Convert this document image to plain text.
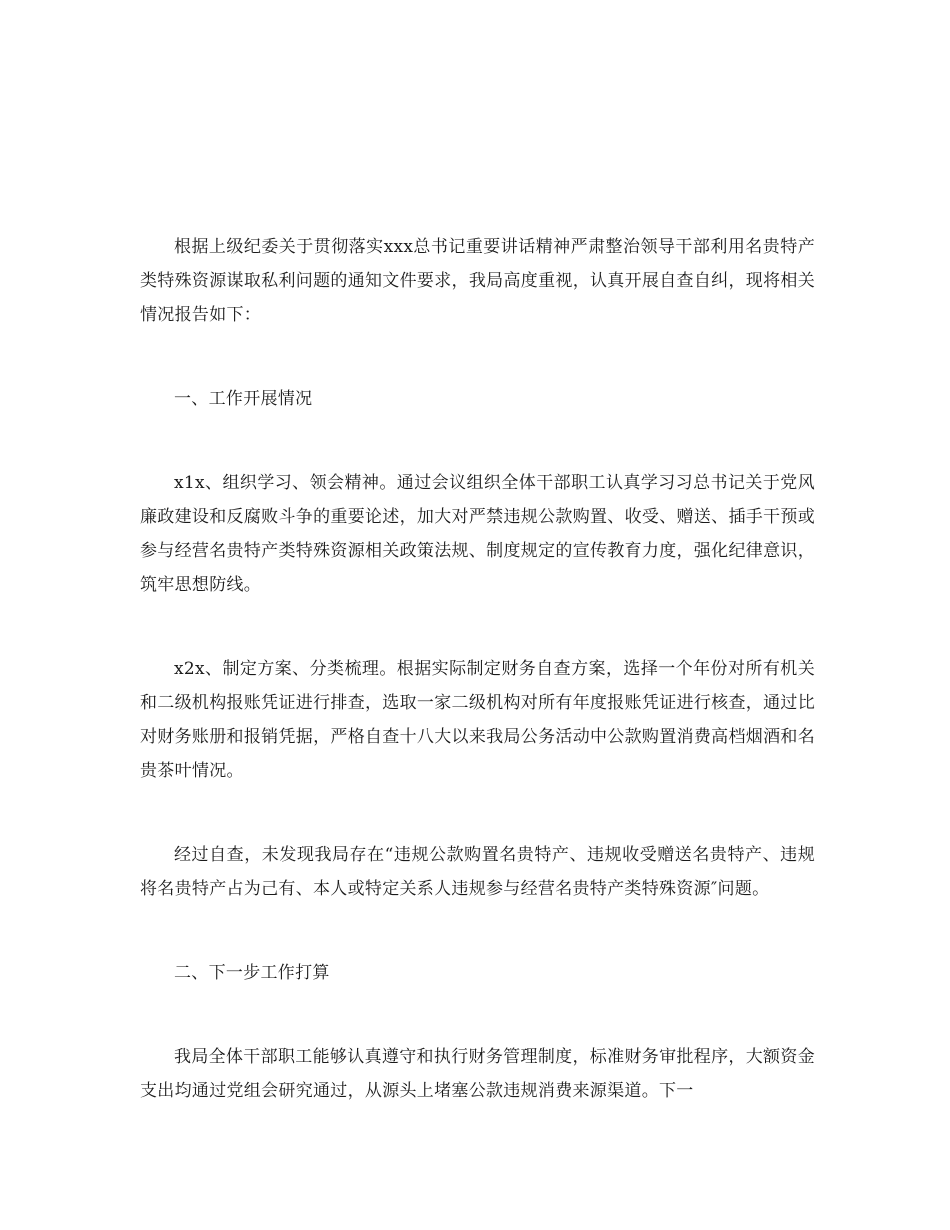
根据上级纪委关于贯彻落实xxx总书记重要讲话精神严肃整治领导干部利用名贵特产类特殊资源谋取私利问题的通知文件要求，我局高度重视，认真开展自查自纠，现将相关情况报告如下：

一、工作开展情况

x1x、组织学习、领会精神。通过会议组织全体干部职工认真学习习总书记关于党风廉政建设和反腐败斗争的重要论述，加大对严禁违规公款购置、收受、赠送、插手干预或参与经营名贵特产类特殊资源相关政策法规、制度规定的宣传教育力度，强化纪律意识，筑牢思想防线。

x2x、制定方案、分类梳理。根据实际制定财务自查方案，选择一个年份对所有机关和二级机构报账凭证进行排查，选取一家二级机构对所有年度报账凭证进行核查，通过比对财务账册和报销凭据，严格自查十八大以来我局公务活动中公款购置消费高档烟酒和名贵茶叶情况。

经过自查，未发现我局存在“违规公款购置名贵特产、违规收受赠送名贵特产、违规将名贵特产占为己有、本人或特定关系人违规参与经营名贵特产类特殊资源″问题。

二、下一步工作打算

我局全体干部职工能够认真遵守和执行财务管理制度，标准财务审批程序，大额资金支出均通过党组会研究通过，从源头上堵塞公款违规消费来源渠道。下一
